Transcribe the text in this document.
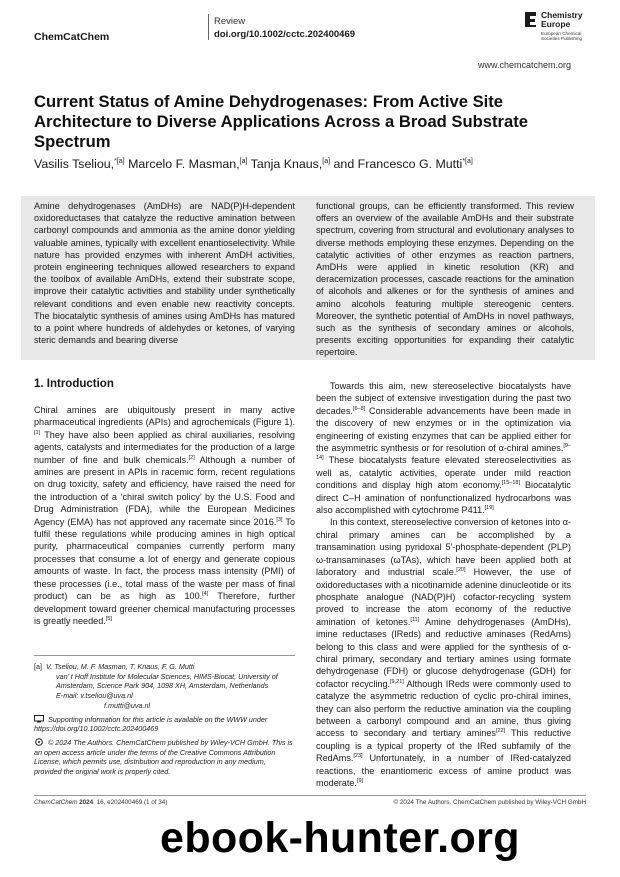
ChemCatChem
Review
doi.org/10.1002/cctc.202400469
Chemistry Europe
European Chemical Societies Publishing
www.chemcatchem.org
Current Status of Amine Dehydrogenases: From Active Site Architecture to Diverse Applications Across a Broad Substrate Spectrum
Vasilis Tseliou,$^{*[a]}$ Marcelo F. Masman,[a] Tanja Knaus,[a] and Francesco G. Mutti$^{*[a]}$
Amine dehydrogenases (AmDHs) are NAD(P)H-dependent oxidoreductases that catalyze the reductive amination between carbonyl compounds and ammonia as the amine donor yielding valuable amines, typically with excellent enantioselectivity. While nature has provided enzymes with inherent AmDH activities, protein engineering techniques allowed researchers to expand the toolbox of available AmDHs, extend their substrate scope, improve their catalytic activities and stability under synthetically relevant conditions and even enable new reactivity concepts. The biocatalytic synthesis of amines using AmDHs has matured to a point where hundreds of aldehydes or ketones, of varying steric demands and bearing diverse
functional groups, can be efficiently transformed. This review offers an overview of the available AmDHs and their substrate spectrum, covering from structural and evolutionary analyses to diverse methods employing these enzymes. Depending on the catalytic activities of other enzymes as reaction partners, AmDHs were applied in kinetic resolution (KR) and deracemization processes, cascade reactions for the amination of alcohols and alkenes or for the synthesis of amines and amino alcohols featuring multiple stereogenic centers. Moreover, the synthetic potential of AmDHs in novel pathways, such as the synthesis of secondary amines or alcohols, presents exciting opportunities for expanding their catalytic repertoire.
1. Introduction

Chiral amines are ubiquitously present in many active pharmaceutical ingredients (APIs) and agrochemicals (Figure 1).[1] They have also been applied as chiral auxiliaries, resolving agents, catalysts and intermediates for the production of a large number of fine and bulk chemicals.[2] Although a number of amines are present in APIs in racemic form, recent regulations on drug toxicity, safety and efficiency, have raised the need for the introduction of a ‘chiral switch policy’ by the U.S. Food and Drug Administration (FDA), while the European Medicines Agency (EMA) has not approved any racemate since 2016.[3] To fulfil these regulations while producing amines in high optical purity, pharmaceutical companies currently perform many processes that consume a lot of energy and generate copious amounts of waste. In fact, the process mass intensity (PMI) of these processes (i.e., total mass of the waste per mass of final product) can be as high as 100.[4] Therefore, further development toward greener chemical manufacturing processes is greatly needed.[5]

[a] V. Tseliou, M. F. Masman, T. Knaus, F. G. Mutti
van’ t Hoff Institute for Molecular Sciences, HIMS-Biocat, University of
Amsterdam, Science Park 904, 1098 XH, Amsterdam, Netherlands
E-mail: v.tseliou@uva.nl
f.mutti@uva.nl
Supporting information for this article is available on the WWW under https://doi.org/10.1002/cctc.202400469
© 2024 The Authors. ChemCatChem published by Wiley-VCH GmbH. This is an open access article under the terms of the Creative Commons Attribution License, which permits use, distribution and reproduction in any medium, provided the original work is properly cited.

Towards this aim, new stereoselective biocatalysts have been the subject of extensive investigation during the past two decades.[6–8] Considerable advancements have been made in the discovery of new enzymes or in the optimization via engineering of existing enzymes that can be applied either for the asymmetric synthesis or for resolution of α-chiral amines.[9–14] These biocatalysts feature elevated stereoselectivities as well as, catalytic activities, operate under mild reaction conditions and display high atom economy.[15–18] Biocatalytic direct C–H amination of nonfunctionalized hydrocarbons was also accomplished with cytochrome P411.[19]

In this context, stereoselective conversion of ketones into α-chiral primary amines can be accomplished by a transamination using pyridoxal 5′-phosphate-dependent (PLP) ω-transaminases (ωTAs), which have been applied both at laboratory and industrial scale.[20] However, the use of oxidoreductases with a nicotinamide adenine dinucleotide or its phosphate analogue (NAD(P)H) cofactor-recycling system proved to increase the atom economy of the reductive amination of ketones.[11] Amine dehydrogenases (AmDHs), imine reductases (IReds) and reductive aminases (RedAms) belong to this class and were applied for the synthesis of α-chiral primary, secondary and tertiary amines using formate dehydrogenase (FDH) or glucose dehydrogenase (GDH) for cofactor recycling.[9,21] Although IReds were commonly used to catalyze the asymmetric reduction of cyclic pro-chiral imines, they can also perform the reductive amination via the coupling between a carbonyl compound and an amine, thus giving access to secondary and tertiary amines[22] This reductive coupling is a typical property of the IRed subfamily of the RedAms.[23] Unfortunately, in a number of IRed-catalyzed reactions, the enantiomeric excess of amine product was moderate.[9]

ChemCatChem 2024, 16, e202400469 (1 of 34)	© 2024 The Authors. ChemCatChem published by Wiley-VCH GmbH
ebook-hunter.org
